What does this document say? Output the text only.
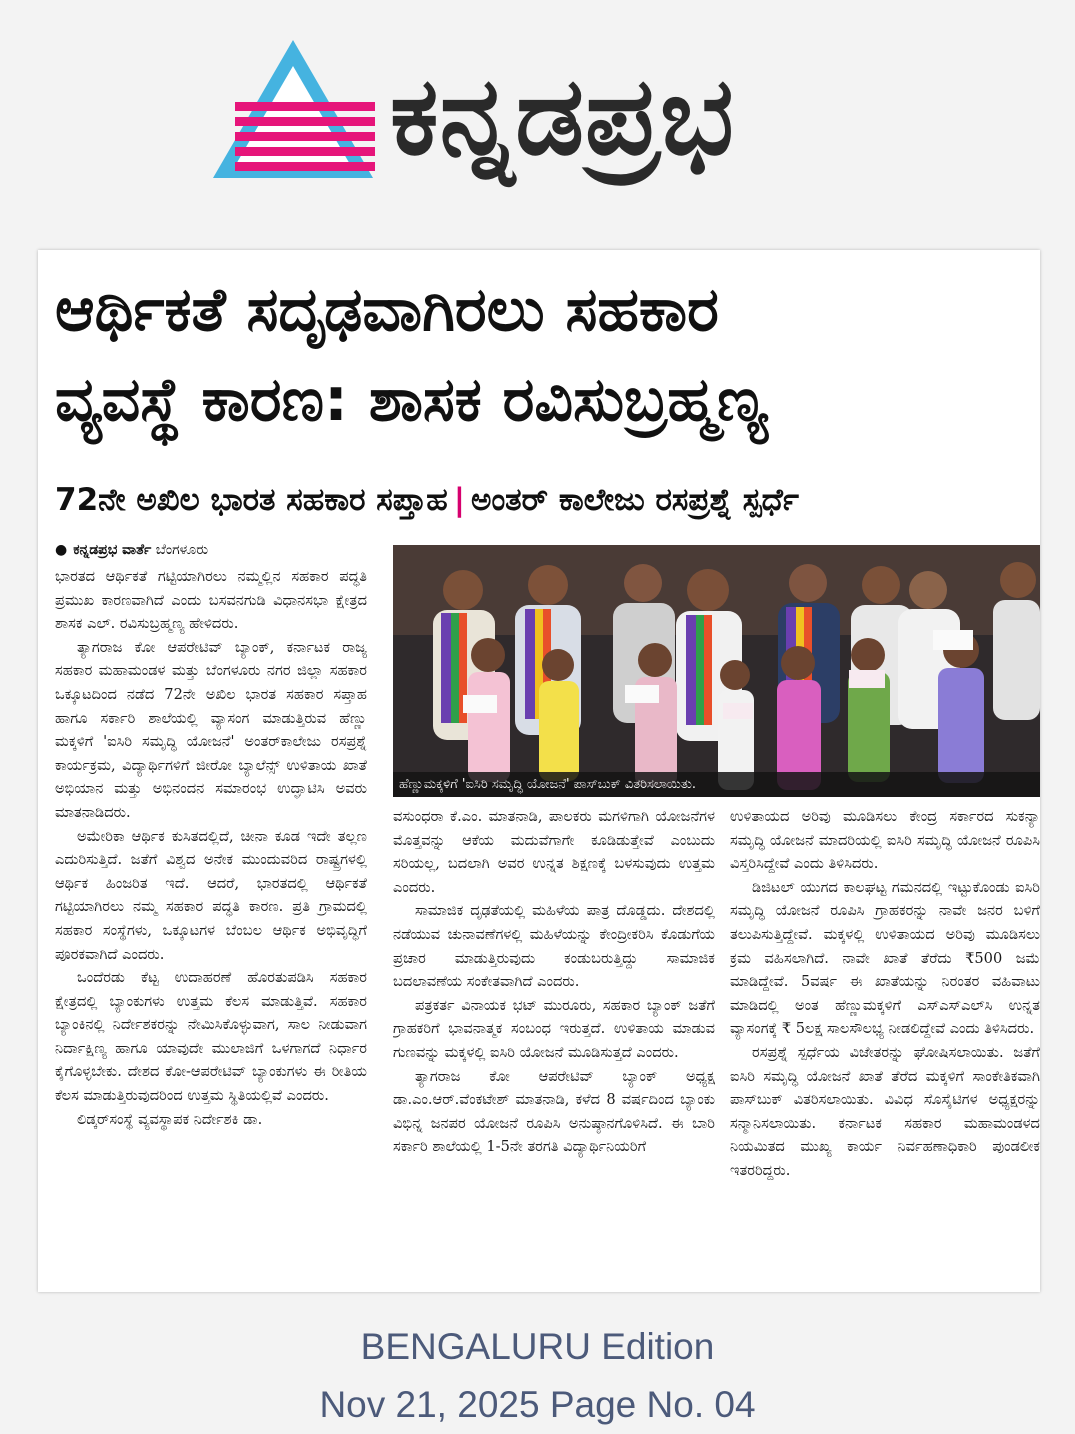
ಕನ್ನಡಪ್ರಭ
ಆರ್ಥಿಕತೆ ಸದೃಢವಾಗಿರಲು ಸಹಕಾರ
ವ್ಯವಸ್ಥೆ ಕಾರಣ: ಶಾಸಕ ರವಿಸುಬ್ರಹ್ಮಣ್ಯ
72ನೇ ಅಖಿಲ ಭಾರತ ಸಹಕಾರ ಸಪ್ತಾಹ | ಅಂತರ್ ಕಾಲೇಜು ರಸಪ್ರಶ್ನೆ ಸ್ಪರ್ಧೆ
● ಕನ್ನಡಪ್ರಭ ವಾರ್ತೆ ಬೆಂಗಳೂರು

ಭಾರತದ ಆರ್ಥಿಕತೆ ಗಟ್ಟಿಯಾಗಿರಲು ನಮ್ಮಲ್ಲಿನ ಸಹಕಾರ ಪದ್ಧತಿ ಪ್ರಮುಖ ಕಾರಣವಾಗಿದೆ ಎಂದು ಬಸವನಗುಡಿ ವಿಧಾನಸಭಾ ಕ್ಷೇತ್ರದ ಶಾಸಕ ಎಲ್. ರವಿಸುಬ್ರಹ್ಮಣ್ಯ ಹೇಳಿದರು.

ತ್ಯಾಗರಾಜ ಕೋ ಆಪರೇಟಿವ್ ಬ್ಯಾಂಕ್, ಕರ್ನಾಟಕ ರಾಜ್ಯ ಸಹಕಾರ ಮಹಾಮಂಡಳ ಮತ್ತು ಬೆಂಗಳೂರು ನಗರ ಜಿಲ್ಲಾ ಸಹಕಾರ ಒಕ್ಕೂಟದಿಂದ ನಡೆದ 72ನೇ ಅಖಿಲ ಭಾರತ ಸಹಕಾರ ಸಪ್ತಾಹ ಹಾಗೂ ಸರ್ಕಾರಿ ಶಾಲೆಯಲ್ಲಿ ವ್ಯಾಸಂಗ ಮಾಡುತ್ತಿರುವ ಹೆಣ್ಣು ಮಕ್ಕಳಿಗೆ 'ಐಸಿರಿ ಸಮೃದ್ಧಿ ಯೋಜನೆ' ಅಂತರ್‌ಕಾಲೇಜು ರಸಪ್ರಶ್ನೆ ಕಾರ್ಯಕ್ರಮ, ವಿದ್ಯಾರ್ಥಿಗಳಿಗೆ ಜೀರೋ ಬ್ಯಾಲೆನ್ಸ್ ಉಳಿತಾಯ ಖಾತೆ ಅಭಿಯಾನ ಮತ್ತು ಅಭಿನಂದನ ಸಮಾರಂಭ ಉದ್ಘಾಟಿಸಿ ಅವರು ಮಾತನಾಡಿದರು.

ಅಮೇರಿಕಾ ಆರ್ಥಿಕ ಕುಸಿತದಲ್ಲಿದೆ, ಚೀನಾ ಕೂಡ ಇದೇ ತಲ್ಲಣ ಎದುರಿಸುತ್ತಿದೆ. ಜತೆಗೆ ವಿಶ್ವದ ಅನೇಕ ಮುಂದುವರಿದ ರಾಷ್ಟ್ರಗಳಲ್ಲಿ ಆರ್ಥಿಕ ಹಿಂಜರಿತ ಇದೆ. ಆದರೆ, ಭಾರತದಲ್ಲಿ ಆರ್ಥಿಕತೆ ಗಟ್ಟಿಯಾಗಿರಲು ನಮ್ಮ ಸಹಕಾರ ಪದ್ಧತಿ ಕಾರಣ. ಪ್ರತಿ ಗ್ರಾಮದಲ್ಲಿ ಸಹಕಾರ ಸಂಸ್ಥೆಗಳು, ಒಕ್ಕೂಟಗಳ ಬೆಂಬಲ ಆರ್ಥಿಕ ಅಭಿವೃದ್ಧಿಗೆ ಪೂರಕವಾಗಿದೆ ಎಂದರು.

ಒಂದೆರಡು ಕೆಟ್ಟ ಉದಾಹರಣೆ ಹೊರತುಪಡಿಸಿ ಸಹಕಾರ ಕ್ಷೇತ್ರದಲ್ಲಿ ಬ್ಯಾಂಕುಗಳು ಉತ್ತಮ ಕೆಲಸ ಮಾಡುತ್ತಿವೆ. ಸಹಕಾರ ಬ್ಯಾಂಕಿನಲ್ಲಿ ನಿರ್ದೇಶಕರನ್ನು ನೇಮಿಸಿಕೊಳ್ಳುವಾಗ, ಸಾಲ ನೀಡುವಾಗ ನಿರ್ದಾಕ್ಷಿಣ್ಯ ಹಾಗೂ ಯಾವುದೇ ಮುಲಾಜಿಗೆ ಒಳಗಾಗದೆ ನಿರ್ಧಾರ ಕೈಗೊಳ್ಳಬೇಕು. ದೇಶದ ಕೋ-ಆಪರೇಟಿವ್ ಬ್ಯಾಂಕುಗಳು ಈ ರೀತಿಯ ಕೆಲಸ ಮಾಡುತ್ತಿರುವುದರಿಂದ ಉತ್ತಮ ಸ್ಥಿತಿಯಲ್ಲಿವೆ ಎಂದರು.

ಲಿಡ್ಕರ್‌ಸಂಸ್ಥೆ ವ್ಯವಸ್ಥಾಪಕ ನಿರ್ದೇಶಕಿ ಡಾ.

ಹೆಣ್ಣುಮಕ್ಕಳಿಗೆ 'ಐಸಿರಿ ಸಮೃದ್ಧಿ ಯೋಜನೆ' ಪಾಸ್‌ಬುಕ್ ವಿತರಿಸಲಾಯಿತು.

ವಸುಂಧರಾ ಕೆ.ಎಂ. ಮಾತನಾಡಿ, ಪಾಲಕರು ಮಗಳಿಗಾಗಿ ಯೋಜನೆಗಳ ಮೊತ್ತವನ್ನು ಆಕೆಯ ಮದುವೆಗಾಗೇ ಕೂಡಿಡುತ್ತೇವೆ ಎಂಬುದು ಸರಿಯಲ್ಲ, ಬದಲಾಗಿ ಅವರ ಉನ್ನತ ಶಿಕ್ಷಣಕ್ಕೆ ಬಳಸುವುದು ಉತ್ತಮ ಎಂದರು.

ಸಾಮಾಜಿಕ ದೃಢತೆಯಲ್ಲಿ ಮಹಿಳೆಯ ಪಾತ್ರ ದೊಡ್ಡದು. ದೇಶದಲ್ಲಿ ನಡೆಯುವ ಚುನಾವಣೆಗಳಲ್ಲಿ ಮಹಿಳೆಯನ್ನು ಕೇಂದ್ರೀಕರಿಸಿ ಕೊಡುಗೆಯ ಪ್ರಚಾರ ಮಾಡುತ್ತಿರುವುದು ಕಂಡುಬರುತ್ತಿದ್ದು ಸಾಮಾಜಿಕ ಬದಲಾವಣೆಯ ಸಂಕೇತವಾಗಿದೆ ಎಂದರು.

ಪತ್ರಕರ್ತ ವಿನಾಯಕ ಭಟ್ ಮುರೂರು, ಸಹಕಾರ ಬ್ಯಾಂಕ್ ಜತೆಗೆ ಗ್ರಾಹಕರಿಗೆ ಭಾವನಾತ್ಮಕ ಸಂಬಂಧ ಇರುತ್ತದೆ. ಉಳಿತಾಯ ಮಾಡುವ ಗುಣವನ್ನು ಮಕ್ಕಳಲ್ಲಿ ಐಸಿರಿ ಯೋಜನೆ ಮೂಡಿಸುತ್ತದೆ ಎಂದರು.

ತ್ಯಾಗರಾಜ ಕೋ ಆಪರೇಟಿವ್ ಬ್ಯಾಂಕ್ ಅಧ್ಯಕ್ಷ ಡಾ.ಎಂ.ಆರ್.ವೆಂಕಟೇಶ್ ಮಾತನಾಡಿ, ಕಳೆದ 8 ವರ್ಷದಿಂದ ಬ್ಯಾಂಕು ವಿಭಿನ್ನ ಜನಪರ ಯೋಜನೆ ರೂಪಿಸಿ ಅನುಷ್ಠಾನಗೊಳಿಸಿದೆ. ಈ ಬಾರಿ ಸರ್ಕಾರಿ ಶಾಲೆಯಲ್ಲಿ 1-5ನೇ ತರಗತಿ ವಿದ್ಯಾರ್ಥಿನಿಯರಿಗೆ

ಉಳಿತಾಯದ ಅರಿವು ಮೂಡಿಸಲು ಕೇಂದ್ರ ಸರ್ಕಾರದ ಸುಕನ್ಯಾ ಸಮೃದ್ಧಿ ಯೋಜನೆ ಮಾದರಿಯಲ್ಲಿ ಐಸಿರಿ ಸಮೃದ್ಧಿ ಯೋಜನೆ ರೂಪಿಸಿ ವಿಸ್ತರಿಸಿದ್ದೇವೆ ಎಂದು ತಿಳಿಸಿದರು.

ಡಿಜಿಟಲ್ ಯುಗದ ಕಾಲಘಟ್ಟ ಗಮನದಲ್ಲಿ ಇಟ್ಟುಕೊಂಡು ಐಸಿರಿ ಸಮೃದ್ಧಿ ಯೋಜನೆ ರೂಪಿಸಿ ಗ್ರಾಹಕರನ್ನು ನಾವೇ ಜನರ ಬಳಿಗೆ ತಲುಪಿಸುತ್ತಿದ್ದೇವೆ. ಮಕ್ಕಳಲ್ಲಿ ಉಳಿತಾಯದ ಅರಿವು ಮೂಡಿಸಲು ಕ್ರಮ ವಹಿಸಲಾಗಿದೆ. ನಾವೇ ಖಾತೆ ತೆರೆದು ₹500 ಜಮೆ ಮಾಡಿದ್ದೇವೆ. 5ವರ್ಷ ಈ ಖಾತೆಯನ್ನು ನಿರಂತರ ವಹಿವಾಟು ಮಾಡಿದಲ್ಲಿ ಅಂತ ಹೆಣ್ಣುಮಕ್ಕಳಿಗೆ ಎಸ್ಎಸ್ಎಲ್‌ಸಿ ಉನ್ನತ ವ್ಯಾಸಂಗಕ್ಕೆ ₹ 5ಲಕ್ಷ ಸಾಲಸೌಲಭ್ಯ ನೀಡಲಿದ್ದೇವೆ ಎಂದು ತಿಳಿಸಿದರು.

ರಸಪ್ರಶ್ನೆ ಸ್ಪರ್ಧೆಯ ವಿಜೇತರನ್ನು ಘೋಷಿಸಲಾಯಿತು. ಜತೆಗೆ ಐಸಿರಿ ಸಮೃದ್ಧಿ ಯೋಜನೆ ಖಾತೆ ತೆರೆದ ಮಕ್ಕಳಿಗೆ ಸಾಂಕೇತಿಕವಾಗಿ ಪಾಸ್‌ಬುಕ್ ವಿತರಿಸಲಾಯಿತು. ವಿವಿಧ ಸೊಸೈಟಿಗಳ ಅಧ್ಯಕ್ಷರನ್ನು ಸನ್ಮಾನಿಸಲಾಯಿತು. ಕರ್ನಾಟಕ ಸಹಕಾರ ಮಹಾಮಂಡಳದ ನಿಯಮಿತದ ಮುಖ್ಯ ಕಾರ್ಯ ನಿರ್ವಹಣಾಧಿಕಾರಿ ಪುಂಡಲೀಕ ಇತರರಿದ್ದರು.

BENGALURU Edition
Nov 21, 2025 Page No. 04
